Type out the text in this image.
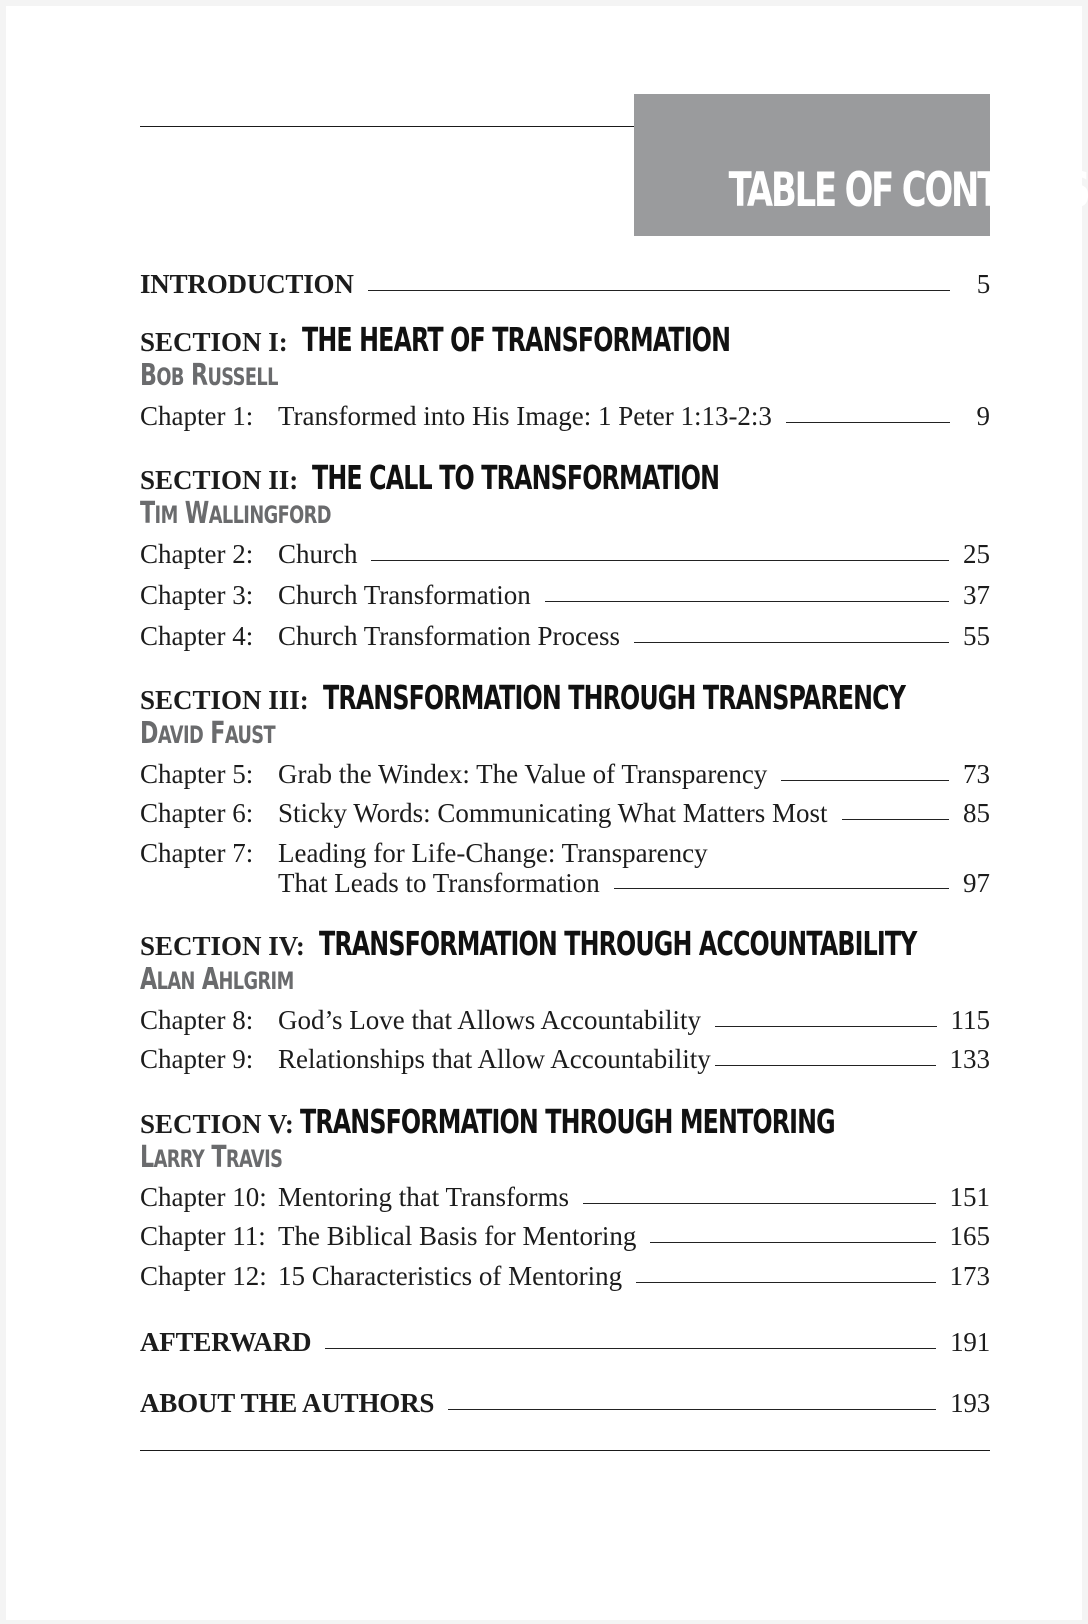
TABLE OF CONTENTS
INTRODUCTION	5
SECTION I: THE HEART OF TRANSFORMATION
BOB RUSSELL
Chapter 1: Transformed into His Image: 1 Peter 1:13-2:3	9
SECTION II: THE CALL TO TRANSFORMATION
TIM WALLINGFORD
Chapter 2: Church	25
Chapter 3: Church Transformation	37
Chapter 4: Church Transformation Process	55
SECTION III: TRANSFORMATION THROUGH TRANSPARENCY
DAVID FAUST
Chapter 5: Grab the Windex: The Value of Transparency	73
Chapter 6: Sticky Words: Communicating What Matters Most	85
Chapter 7: Leading for Life-Change: Transparency
That Leads to Transformation	97
SECTION IV: TRANSFORMATION THROUGH ACCOUNTABILITY
ALAN AHLGRIM
Chapter 8: God’s Love that Allows Accountability	115
Chapter 9: Relationships that Allow Accountability	133
SECTION V: TRANSFORMATION THROUGH MENTORING
LARRY TRAVIS
Chapter 10: Mentoring that Transforms	151
Chapter 11: The Biblical Basis for Mentoring	165
Chapter 12: 15 Characteristics of Mentoring	173
AFTERWARD	191
ABOUT THE AUTHORS	193
